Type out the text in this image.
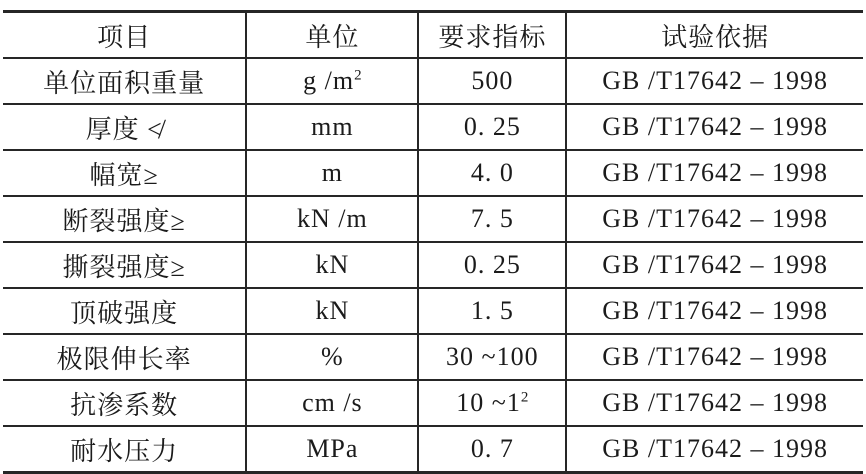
项目	单位	要求指标	试验依据
单位面积重量	g $/m^2$	500	GB /T17642 – 1998
厚度 ≮	mm	0. 25	GB /T17642 – 1998
幅宽≥	m	4. 0	GB /T17642 – 1998
断裂强度≥	kN /m	7. 5	GB /T17642 – 1998
撕裂强度≥	kN	0. 25	GB /T17642 – 1998
顶破强度	kN	1. 5	GB /T17642 – 1998
极限伸长率	%	30 ~100	GB /T17642 – 1998
抗渗系数	cm /s	10 $\sim 1^2$	GB /T17642 – 1998
耐水压力	MPa	0. 7	GB /T17642 – 1998
